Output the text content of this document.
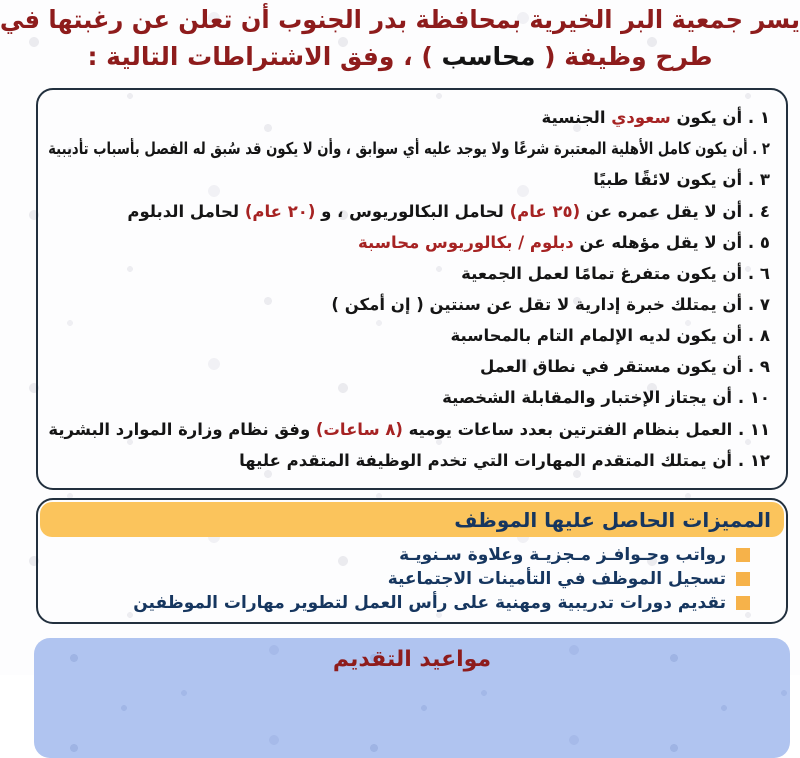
يسر جمعية البر الخيرية بمحافظة بدر الجنوب أن تعلن عن رغبتها في
طرح وظيفة ( محاسب ) ، وفق الاشتراطات التالية :
١ . أن يكون سعودي الجنسية
٢ . أن يكون كامل الأهلية المعتبرة شرعًا ولا يوجد عليه أي سوابق ، وأن لا يكون قد سُبق له الفصل بأسباب تأديبية
٣ . أن يكون لائقًا طبيًا
٤ . أن لا يقل عمره عن (٢٥ عام) لحامل البكالوريوس ، و (٢٠ عام) لحامل الدبلوم
٥ . أن لا يقل مؤهله عن دبلوم / بكالوريوس محاسبة
٦ . أن يكون متفرغ تمامًا لعمل الجمعية
٧ . أن يمتلك خبرة إدارية لا تقل عن سنتين ( إن أمكن )
٨ . أن يكون لديه الإلمام التام بالمحاسبة
٩ . أن يكون مستقر في نطاق العمل
١٠ . أن يجتاز الإختبار والمقابلة الشخصية
١١ . العمل بنظام الفترتين بعدد ساعات يوميه (٨ ساعات) وفق نظام وزارة الموارد البشرية
١٢ . أن يمتلك المتقدم المهارات التي تخدم الوظيفة المتقدم عليها
المميزات الحاصل عليها الموظف
رواتب وحـوافـز مـجزيـة وعلاوة سـنويـة
تسجيل الموظف في التأمينات الاجتماعية
تقديم دورات تدريبية ومهنية على رأس العمل لتطوير مهارات الموظفين
مواعيد التقديم
